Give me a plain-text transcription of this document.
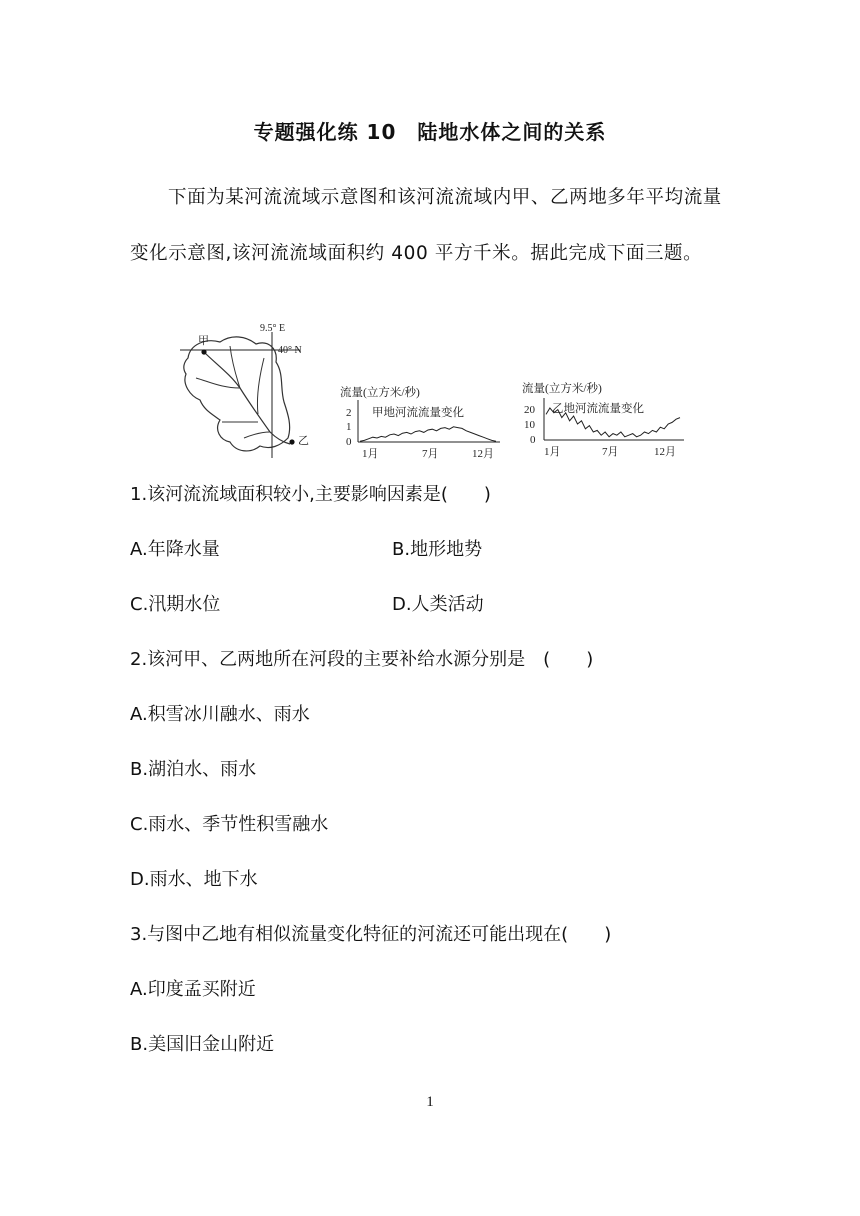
专题强化练 10　陆地水体之间的关系
下面为某河流流域示意图和该河流流域内甲、乙两地多年平均流量变化示意图,该河流流域面积约 400 平方千米。据此完成下面三题。
甲
乙
9.5° E
40° N
流量(立方米/秒)
甲地河流流量变化
2
1
0
1月	7月	12月
流量(立方米/秒)
乙地河流流量变化
20
10
0
1月	7月	12月
1.该河流流域面积较小,主要影响因素是(　　)
A.年降水量	B.地形地势
C.汛期水位	D.人类活动
2.该河甲、乙两地所在河段的主要补给水源分别是　(　　)
A.积雪冰川融水、雨水
B.湖泊水、雨水
C.雨水、季节性积雪融水
D.雨水、地下水
3.与图中乙地有相似流量变化特征的河流还可能出现在(　　)
A.印度孟买附近
B.美国旧金山附近
1
